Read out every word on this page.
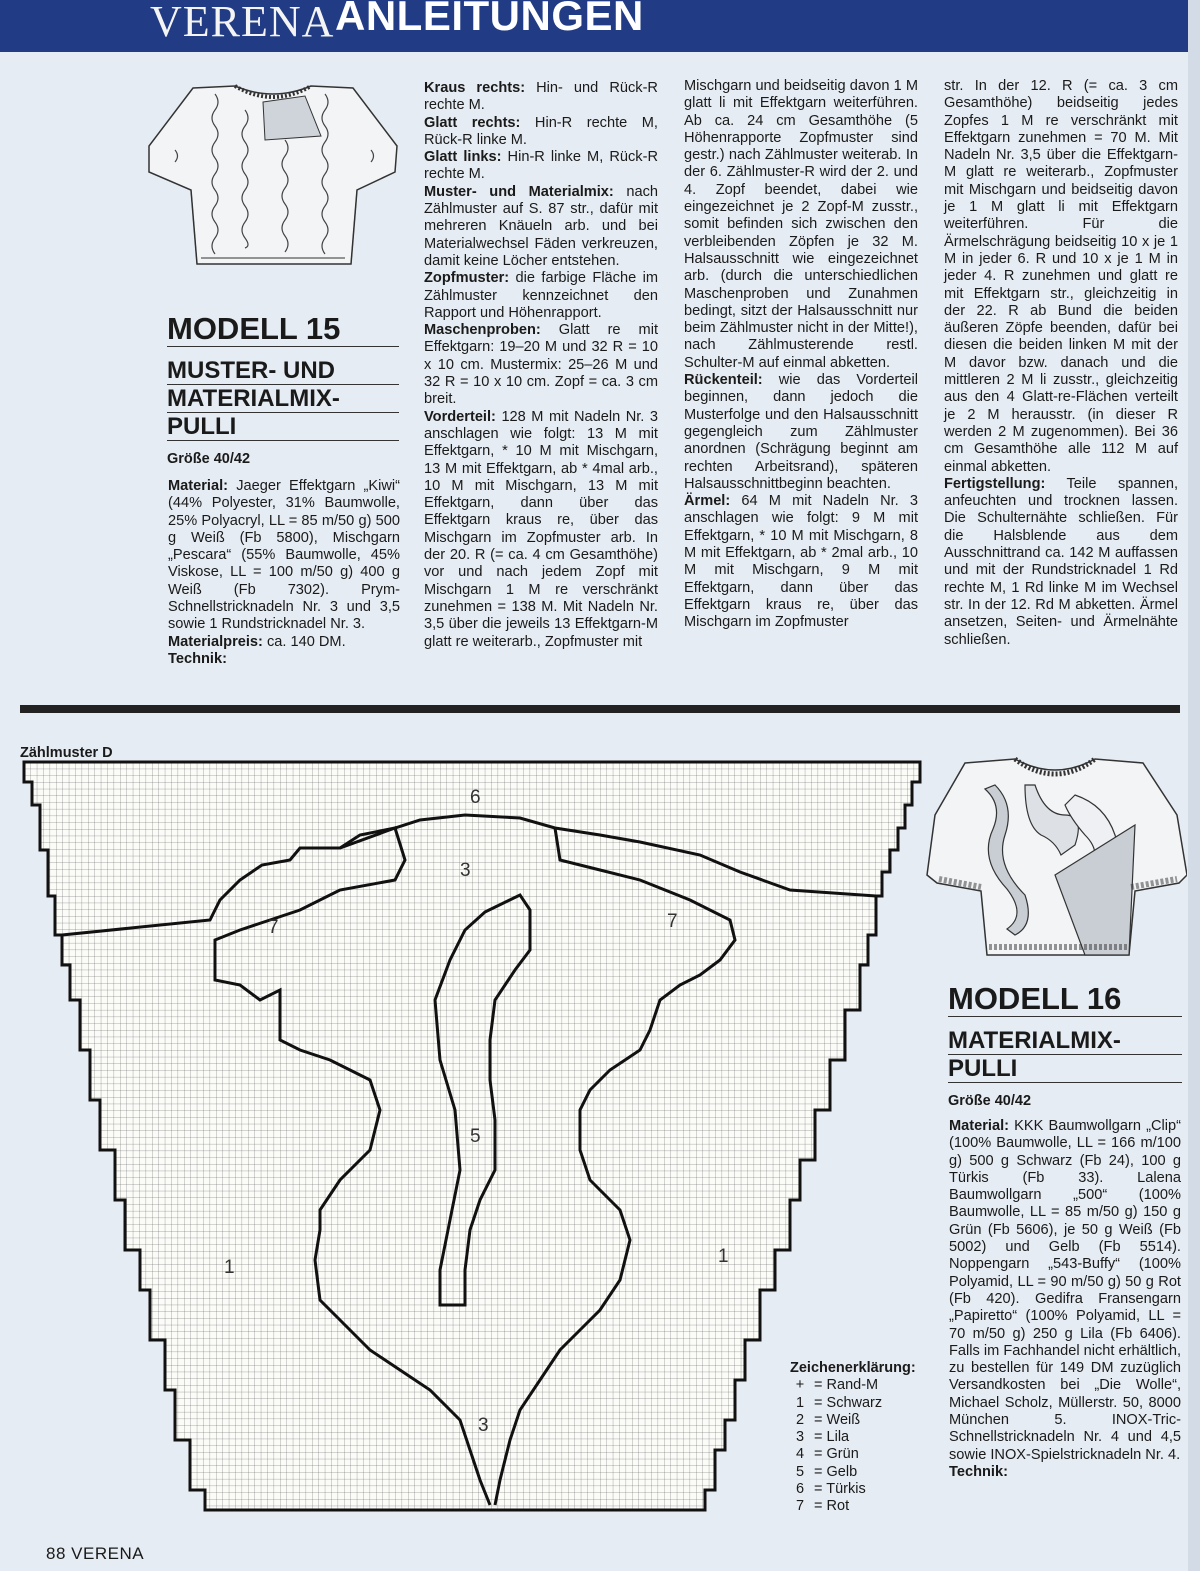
VERENA ANLEITUNGEN
MODELL 15
MUSTER- UND
MATERIALMIX-
PULLI
Größe 40/42

Material: Jaeger Effektgarn „Kiwi“ (44% Polyester, 31% Baumwolle, 25% Polyacryl, LL = 85 m/50 g) 500 g Weiß (Fb 5800), Mischgarn „Pescara“ (55% Baumwolle, 45% Viskose, LL = 100 m/50 g) 400 g Weiß (Fb 7302). Prym-Schnellstricknadeln Nr. 3 und 3,5 sowie 1 Rundstricknadel Nr. 3.

Materialpreis: ca. 140 DM.

Technik:

Kraus rechts: Hin- und Rück-R rechte M.

Glatt rechts: Hin-R rechte M, Rück-R linke M.

Glatt links: Hin-R linke M, Rück-R rechte M.

Muster- und Materialmix: nach Zählmuster auf S. 87 str., dafür mit mehreren Knäueln arb. und bei Materialwechsel Fäden verkreuzen, damit keine Löcher entstehen.

Zopfmuster: die farbige Fläche im Zählmuster kennzeichnet den Rapport und Höhenrapport.

Maschenproben: Glatt re mit Effektgarn: 19–20 M und 32 R = 10 x 10 cm. Mustermix: 25–26 M und 32 R = 10 x 10 cm. Zopf = ca. 3 cm breit.

Vorderteil: 128 M mit Nadeln Nr. 3 anschlagen wie folgt: 13 M mit Effektgarn, * 10 M mit Mischgarn, 13 M mit Effektgarn, ab * 4mal arb., 10 M mit Mischgarn, 13 M mit Effektgarn, dann über das Effektgarn kraus re, über das Mischgarn im Zopfmuster arb. In der 20. R (= ca. 4 cm Gesamthöhe) vor und nach jedem Zopf mit Mischgarn 1 M re verschränkt zunehmen = 138 M. Mit Nadeln Nr. 3,5 über die jeweils 13 Effektgarn-M glatt re weiterarb., Zopfmuster mit

Mischgarn und beidseitig davon 1 M glatt li mit Effektgarn weiterführen. Ab ca. 24 cm Gesamthöhe (5 Höhenrapporte Zopfmuster sind gestr.) nach Zählmuster weiterab. In der 6. Zählmuster-R wird der 2. und 4. Zopf beendet, dabei wie eingezeichnet je 2 Zopf-M zusstr., somit befinden sich zwischen den verbleibenden Zöpfen je 32 M. Halsausschnitt wie eingezeichnet arb. (durch die unterschiedlichen Maschenproben und Zunahmen bedingt, sitzt der Halsausschnitt nur beim Zählmuster nicht in der Mitte!), nach Zählmusterende restl. Schulter-M auf einmal abketten.

Rückenteil: wie das Vorderteil beginnen, dann jedoch die Musterfolge und den Halsausschnitt gegengleich zum Zählmuster anordnen (Schrägung beginnt am rechten Arbeitsrand), späteren Halsausschnittbeginn beachten.

Ärmel: 64 M mit Nadeln Nr. 3 anschlagen wie folgt: 9 M mit Effektgarn, * 10 M mit Mischgarn, 8 M mit Effektgarn, ab * 2mal arb., 10 M mit Mischgarn, 9 M mit Effektgarn, dann über das Effektgarn kraus re, über das Mischgarn im Zopfmuster

str. In der 12. R (= ca. 3 cm Gesamthöhe) beidseitig jedes Zopfes 1 M re verschränkt mit Effektgarn zunehmen = 70 M. Mit Nadeln Nr. 3,5 über die Effektgarn-M glatt re weiterarb., Zopfmuster mit Mischgarn und beidseitig davon je 1 M glatt li mit Effektgarn weiterführen. Für die Ärmelschrägung beidseitig 10 x je 1 M in jeder 6. R und 10 x je 1 M in jeder 4. R zunehmen und glatt re mit Effektgarn str., gleichzeitig in der 22. R ab Bund die beiden äußeren Zöpfe beenden, dafür bei diesen die beiden linken M mit der M davor bzw. danach und die mittleren 2 M li zusstr., gleichzeitig aus den 4 Glatt-re-Flächen verteilt je 2 M herausstr. (in dieser R werden 2 M zugenommen). Bei 36 cm Gesamthöhe alle 112 M auf einmal abketten.

Fertigstellung: Teile spannen, anfeuchten und trocknen lassen. Die Schulternähte schließen. Für die Halsblende aus dem Ausschnittrand ca. 142 M auffassen und mit der Rundstricknadel 1 Rd rechte M, 1 Rd linke M im Wechsel str. In der 12. Rd M abketten. Ärmel ansetzen, Seiten- und Ärmelnähte schließen.

Zählmuster D
6
3
7	7
5
1
1
3
Zeichenerklärung:
+ = Rand-M
1 = Schwarz
2 = Weiß
3 = Lila
4 = Grün
5 = Gelb
6 = Türkis
7 = Rot
MODELL 16
MATERIALMIX-
PULLI
Größe 40/42

Material: KKK Baumwollgarn „Clip“ (100% Baumwolle, LL = 166 m/100 g) 500 g Schwarz (Fb 24), 100 g Türkis (Fb 33). Lalena Baumwollgarn „500“ (100% Baumwolle, LL = 85 m/50 g) 150 g Grün (Fb 5606), je 50 g Weiß (Fb 5002) und Gelb (Fb 5514). Noppengarn „543-Buffy“ (100% Polyamid, LL = 90 m/50 g) 50 g Rot (Fb 420). Gedifra Fransengarn „Papiretto“ (100% Polyamid, LL = 70 m/50 g) 250 g Lila (Fb 6406). Falls im Fachhandel nicht erhältlich, zu bestellen für 149 DM zuzüglich Versandkosten bei „Die Wolle“, Michael Scholz, Müllerstr. 50, 8000 München 5. INOX-Tric-Schnellstricknadeln Nr. 4 und 4,5 sowie INOX-Spielstricknadeln Nr. 4.

Technik:

88 VERENA
